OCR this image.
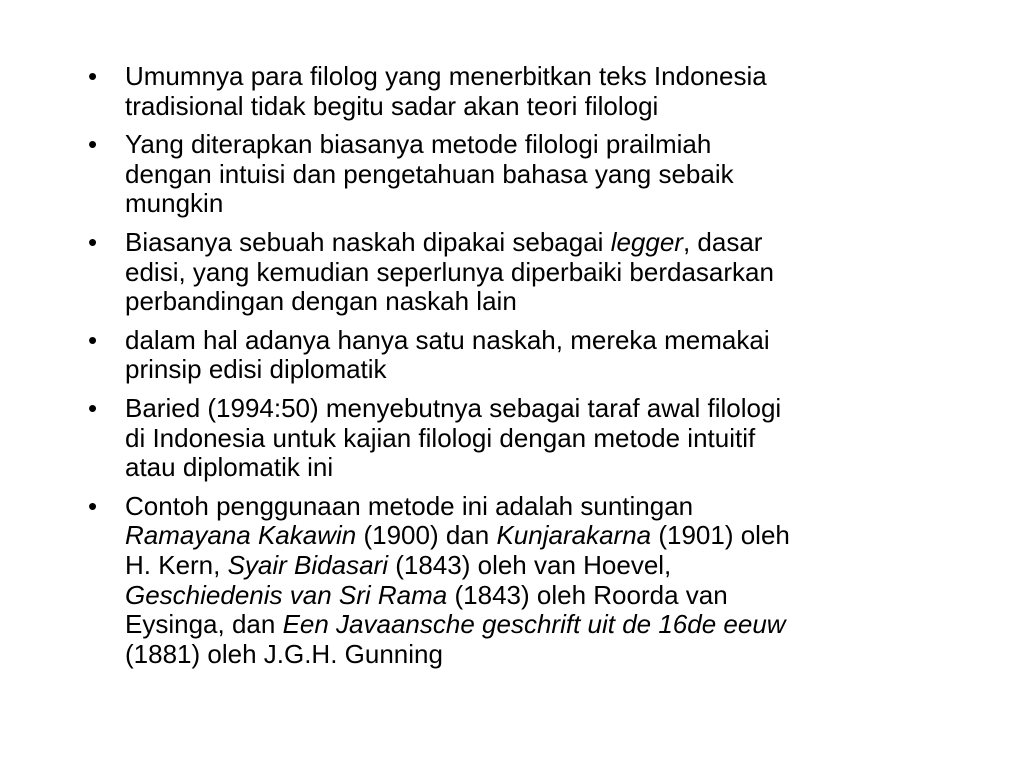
• Umumnya para filolog yang menerbitkan teks Indonesia
tradisional tidak begitu sadar akan teori filologi
• Yang diterapkan biasanya metode filologi prailmiah
dengan intuisi dan pengetahuan bahasa yang sebaik
mungkin
• Biasanya sebuah naskah dipakai sebagai legger, dasar
edisi, yang kemudian seperlunya diperbaiki berdasarkan
perbandingan dengan naskah lain
• dalam hal adanya hanya satu naskah, mereka memakai
prinsip edisi diplomatik
• Baried (1994:50) menyebutnya sebagai taraf awal filologi
di Indonesia untuk kajian filologi dengan metode intuitif
atau diplomatik ini
• Contoh penggunaan metode ini adalah suntingan
Ramayana Kakawin (1900) dan Kunjarakarna (1901) oleh
H. Kern, Syair Bidasari (1843) oleh van Hoevel,
Geschiedenis van Sri Rama (1843) oleh Roorda van
Eysinga, dan Een Javaansche geschrift uit de 16de eeuw
(1881) oleh J.G.H. Gunning
